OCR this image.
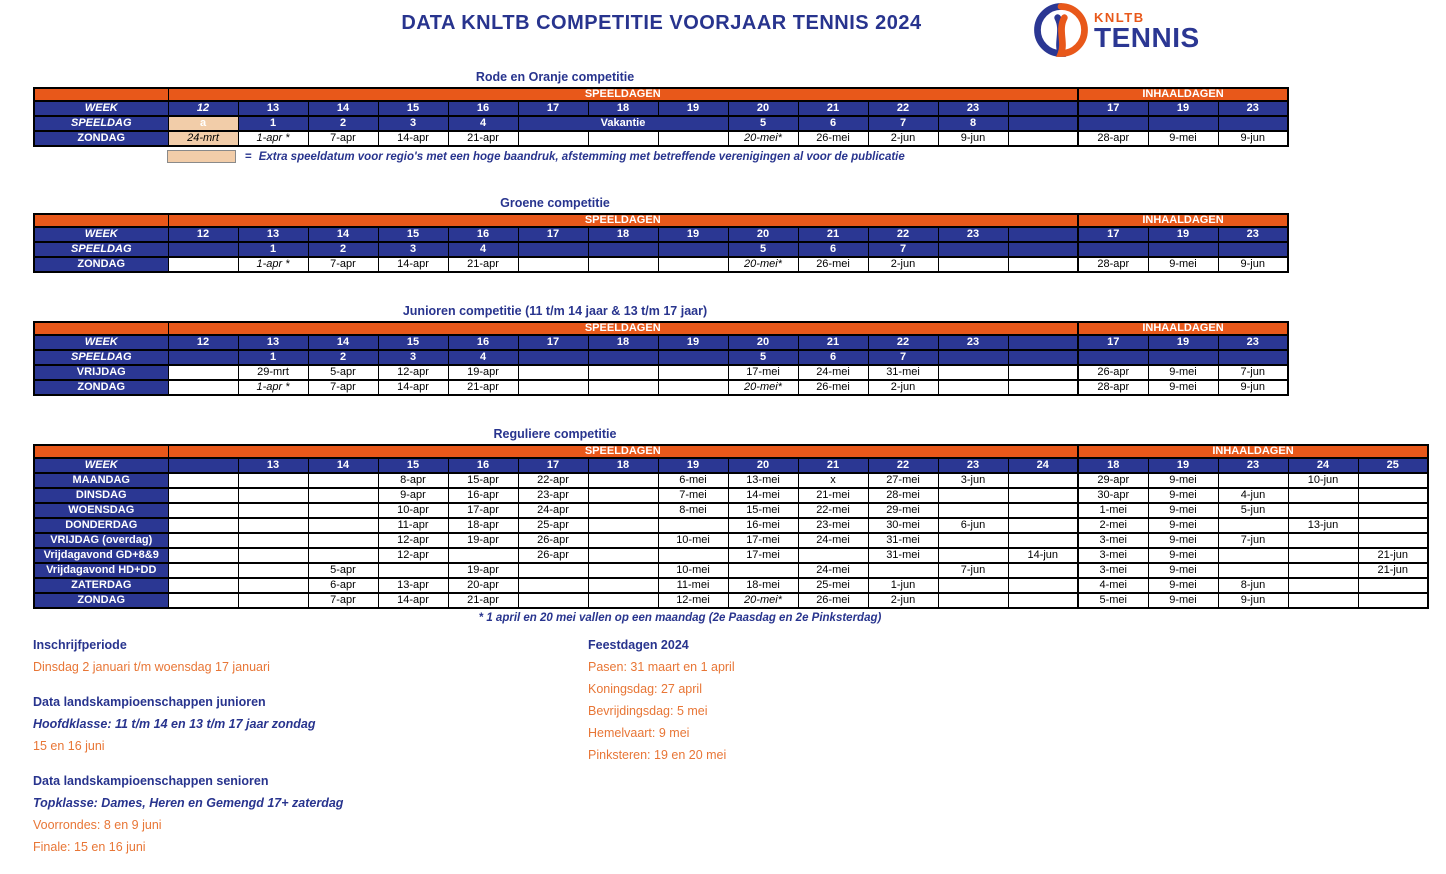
DATA KNLTB COMPETITIE VOORJAAR TENNIS 2024	KNLTB
TENNIS
Rode en Oranje competitie
	SPEELDAGEN													INHAALDAGEN		
WEEK	12	13	14	15	16	17	18	19	20	21	22	23		17	19	23
SPEELDAG	a	1	2	3	4	Vakantie			5	6	7	8				
ZONDAG	24-mrt	1-apr *	7-apr	14-apr	21-apr				20-mei*	26-mei	2-jun	9-jun		28-apr	9-mei	9-jun
= Extra speeldatum voor regio's met een hoge baandruk, afstemming met betreffende verenigingen al voor de publicatie
Groene competitie
	SPEELDAGEN													INHAALDAGEN		
WEEK	12	13	14	15	16	17	18	19	20	21	22	23		17	19	23
SPEELDAG		1	2	3	4				5	6	7					
ZONDAG		1-apr *	7-apr	14-apr	21-apr				20-mei*	26-mei	2-jun			28-apr	9-mei	9-jun
Junioren competitie (11 t/m 14 jaar & 13 t/m 17 jaar)
	SPEELDAGEN													INHAALDAGEN		
WEEK	12	13	14	15	16	17	18	19	20	21	22	23		17	19	23
SPEELDAG		1	2	3	4				5	6	7					
VRIJDAG		29-mrt	5-apr	12-apr	19-apr				17-mei	24-mei	31-mei			26-apr	9-mei	7-jun
ZONDAG		1-apr *	7-apr	14-apr	21-apr				20-mei*	26-mei	2-jun			28-apr	9-mei	9-jun
Reguliere competitie
	SPEELDAGEN													INHAALDAGEN				
WEEK		13	14	15	16	17	18	19	20	21	22	23	24	18	19	23	24	25
MAANDAG				8-apr	15-apr	22-apr		6-mei	13-mei	x	27-mei	3-jun		29-apr	9-mei		10-jun	
DINSDAG				9-apr	16-apr	23-apr		7-mei	14-mei	21-mei	28-mei			30-apr	9-mei	4-jun		
WOENSDAG				10-apr	17-apr	24-apr		8-mei	15-mei	22-mei	29-mei			1-mei	9-mei	5-jun		
DONDERDAG				11-apr	18-apr	25-apr			16-mei	23-mei	30-mei	6-jun		2-mei	9-mei		13-jun	
VRIJDAG (overdag)				12-apr	19-apr	26-apr		10-mei	17-mei	24-mei	31-mei			3-mei	9-mei	7-jun		
Vrijdagavond GD+8&9				12-apr		26-apr			17-mei		31-mei		14-jun	3-mei	9-mei			21-jun
Vrijdagavond HD+DD			5-apr		19-apr			10-mei		24-mei		7-jun		3-mei	9-mei			21-jun
ZATERDAG			6-apr	13-apr	20-apr			11-mei	18-mei	25-mei	1-jun			4-mei	9-mei	8-jun		
ZONDAG			7-apr	14-apr	21-apr			12-mei	20-mei*	26-mei	2-jun			5-mei	9-mei	9-jun		
* 1 april en 20 mei vallen op een maandag (2e Paasdag en 2e Pinksterdag)
Inschrijfperiode
Dinsdag 2 januari t/m woensdag 17 januari
Data landskampioenschappen junioren
Hoofdklasse: 11 t/m 14 en 13 t/m 17 jaar zondag
15 en 16 juni
Data landskampioenschappen senioren
Topklasse: Dames, Heren en Gemengd 17+ zaterdag
Voorrondes: 8 en 9 juni
Finale: 15 en 16 juni
Feestdagen 2024
Pasen: 31 maart en 1 april
Koningsdag: 27 april
Bevrijdingsdag: 5 mei
Hemelvaart: 9 mei
Pinksteren: 19 en 20 mei
